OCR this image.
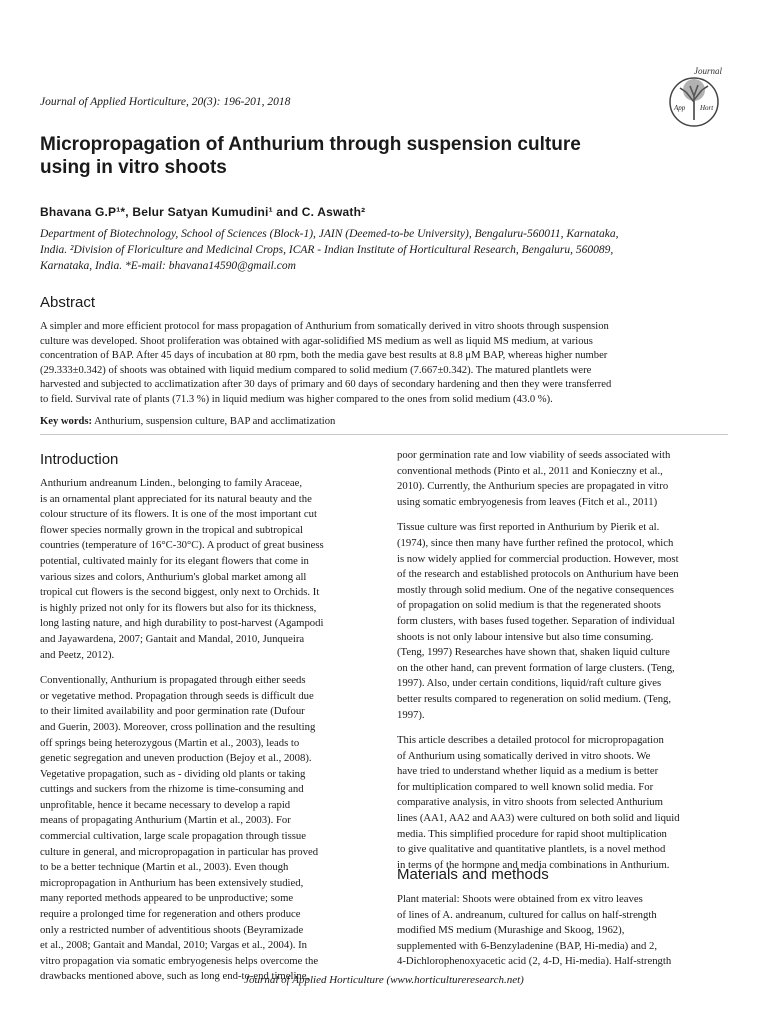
Journal of Applied Horticulture, 20(3): 196-201, 2018
Journal
App Hort
Micropropagation of Anthurium through suspension culture
using in vitro shoots
Bhavana G.P¹*, Belur Satyan Kumudini¹ and C. Aswath²
Department of Biotechnology, School of Sciences (Block-1), JAIN (Deemed-to-be University), Bengaluru-560011, Karnataka,
India. ²Division of Floriculture and Medicinal Crops, ICAR - Indian Institute of Horticultural Research, Bengaluru, 560089,
Karnataka, India. *E-mail: bhavana14590@gmail.com
Abstract
A simpler and more efficient protocol for mass propagation of Anthurium from somatically derived in vitro shoots through suspension
culture was developed. Shoot proliferation was obtained with agar-solidified MS medium as well as liquid MS medium, at various
concentration of BAP. After 45 days of incubation at 80 rpm, both the media gave best results at 8.8 μM BAP, whereas higher number
(29.333±0.342) of shoots was obtained with liquid medium compared to solid medium (7.667±0.342). The matured plantlets were
harvested and subjected to acclimatization after 30 days of primary and 60 days of secondary hardening and then they were transferred
to field. Survival rate of plants (71.3 %) in liquid medium was higher compared to the ones from solid medium (43.0 %).
Key words: Anthurium, suspension culture, BAP and acclimatization
Introduction
Anthurium andreanum Linden., belonging to family Araceae,
is an ornamental plant appreciated for its natural beauty and the
colour structure of its flowers. It is one of the most important cut
flower species normally grown in the tropical and subtropical
countries (temperature of 16°C-30°C). A product of great business
potential, cultivated mainly for its elegant flowers that come in
various sizes and colors, Anthurium's global market among all
tropical cut flowers is the second biggest, only next to Orchids. It
is highly prized not only for its flowers but also for its thickness,
long lasting nature, and high durability to post-harvest (Agampodi
and Jayawardena, 2007; Gantait and Mandal, 2010, Junqueira
and Peetz, 2012).
Conventionally, Anthurium is propagated through either seeds
or vegetative method. Propagation through seeds is difficult due
to their limited availability and poor germination rate (Dufour
and Guerin, 2003). Moreover, cross pollination and the resulting
off springs being heterozygous (Martin et al., 2003), leads to
genetic segregation and uneven production (Bejoy et al., 2008).
Vegetative propagation, such as - dividing old plants or taking
cuttings and suckers from the rhizome is time-consuming and
unprofitable, hence it became necessary to develop a rapid
means of propagating Anthurium (Martin et al., 2003). For
commercial cultivation, large scale propagation through tissue
culture in general, and micropropagation in particular has proved
to be a better technique (Martin et al., 2003). Even though
micropropagation in Anthurium has been extensively studied,
many reported methods appeared to be unproductive; some
require a prolonged time for regeneration and others produce
only a restricted number of adventitious shoots (Beyramizade
et al., 2008; Gantait and Mandal, 2010; Vargas et al., 2004). In
vitro propagation via somatic embryogenesis helps overcome the
drawbacks mentioned above, such as long end-to-end timeline,
poor germination rate and low viability of seeds associated with
conventional methods (Pinto et al., 2011 and Konieczny et al.,
2010). Currently, the Anthurium species are propagated in vitro
using somatic embryogenesis from leaves (Fitch et al., 2011)
Tissue culture was first reported in Anthurium by Pierik et al.
(1974), since then many have further refined the protocol, which
is now widely applied for commercial production. However, most
of the research and established protocols on Anthurium have been
mostly through solid medium. One of the negative consequences
of propagation on solid medium is that the regenerated shoots
form clusters, with bases fused together. Separation of individual
shoots is not only labour intensive but also time consuming.
(Teng, 1997) Researches have shown that, shaken liquid culture
on the other hand, can prevent formation of large clusters. (Teng,
1997). Also, under certain conditions, liquid/raft culture gives
better results compared to regeneration on solid medium. (Teng,
1997).
This article describes a detailed protocol for micropropagation
of Anthurium using somatically derived in vitro shoots. We
have tried to understand whether liquid as a medium is better
for multiplication compared to well known solid media. For
comparative analysis, in vitro shoots from selected Anthurium
lines (AA1, AA2 and AA3) were cultured on both solid and liquid
media. This simplified procedure for rapid shoot multiplication
to give qualitative and quantitative plantlets, is a novel method
in terms of the hormone and media combinations in Anthurium.
Materials and methods
Plant material: Shoots were obtained from ex vitro leaves
of lines of A. andreanum, cultured for callus on half-strength
modified MS medium (Murashige and Skoog, 1962),
supplemented with 6-Benzyladenine (BAP, Hi-media) and 2,
4-Dichlorophenoxyacetic acid (2, 4-D, Hi-media). Half-strength
Journal of Applied Horticulture (www.horticultureresearch.net)
